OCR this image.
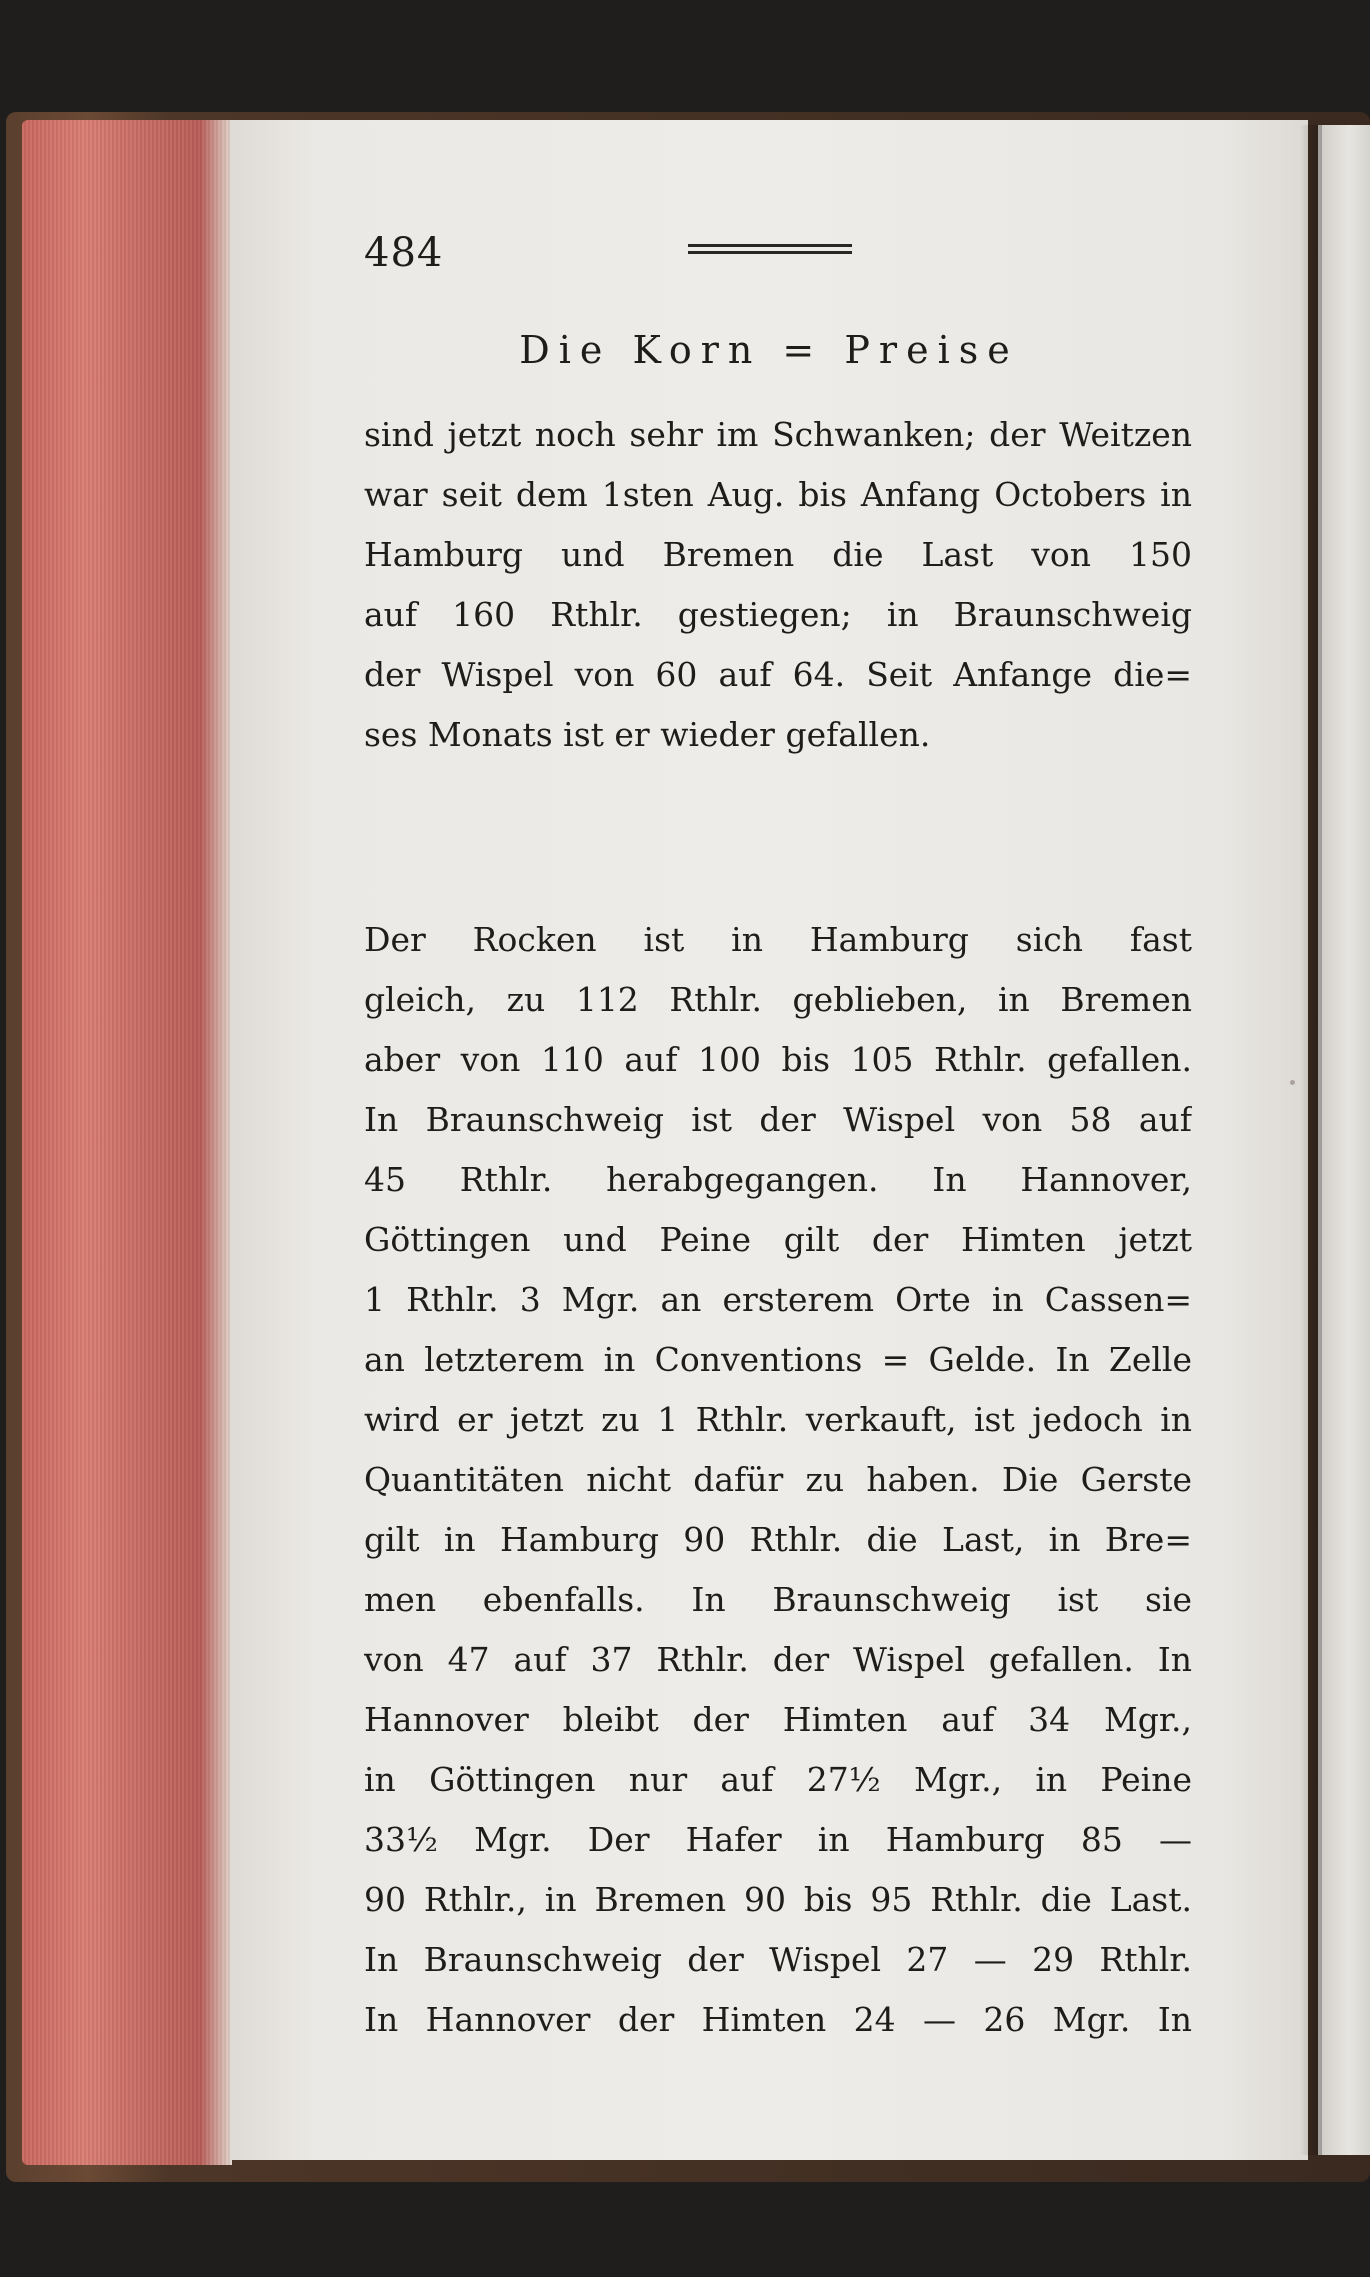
484
Die Korn = Preise
sind jetzt noch sehr im Schwanken; der Weitzen
war seit dem 1sten Aug. bis Anfang Octobers in
Hamburg und Bremen die Last von 150
auf 160 Rthlr. gestiegen; in Braunschweig
der Wispel von 60 auf 64. Seit Anfange die=
ses Monats ist er wieder gefallen.
Der Rocken ist in Hamburg sich fast
gleich, zu 112 Rthlr. geblieben, in Bremen
aber von 110 auf 100 bis 105 Rthlr. gefallen.
In Braunschweig ist der Wispel von 58 auf
45 Rthlr. herabgegangen. In Hannover,
Göttingen und Peine gilt der Himten jetzt
1 Rthlr. 3 Mgr. an ersterem Orte in Cassen=
an letzterem in Conventions = Gelde. In Zelle
wird er jetzt zu 1 Rthlr. verkauft, ist jedoch in
Quantitäten nicht dafür zu haben. Die Gerste
gilt in Hamburg 90 Rthlr. die Last, in Bre=
men ebenfalls. In Braunschweig ist sie
von 47 auf 37 Rthlr. der Wispel gefallen. In
Hannover bleibt der Himten auf 34 Mgr.,
in Göttingen nur auf 27½ Mgr., in Peine
33½ Mgr. Der Hafer in Hamburg 85 —
90 Rthlr., in Bremen 90 bis 95 Rthlr. die Last.
In Braunschweig der Wispel 27 — 29 Rthlr.
In Hannover der Himten 24 — 26 Mgr. In
